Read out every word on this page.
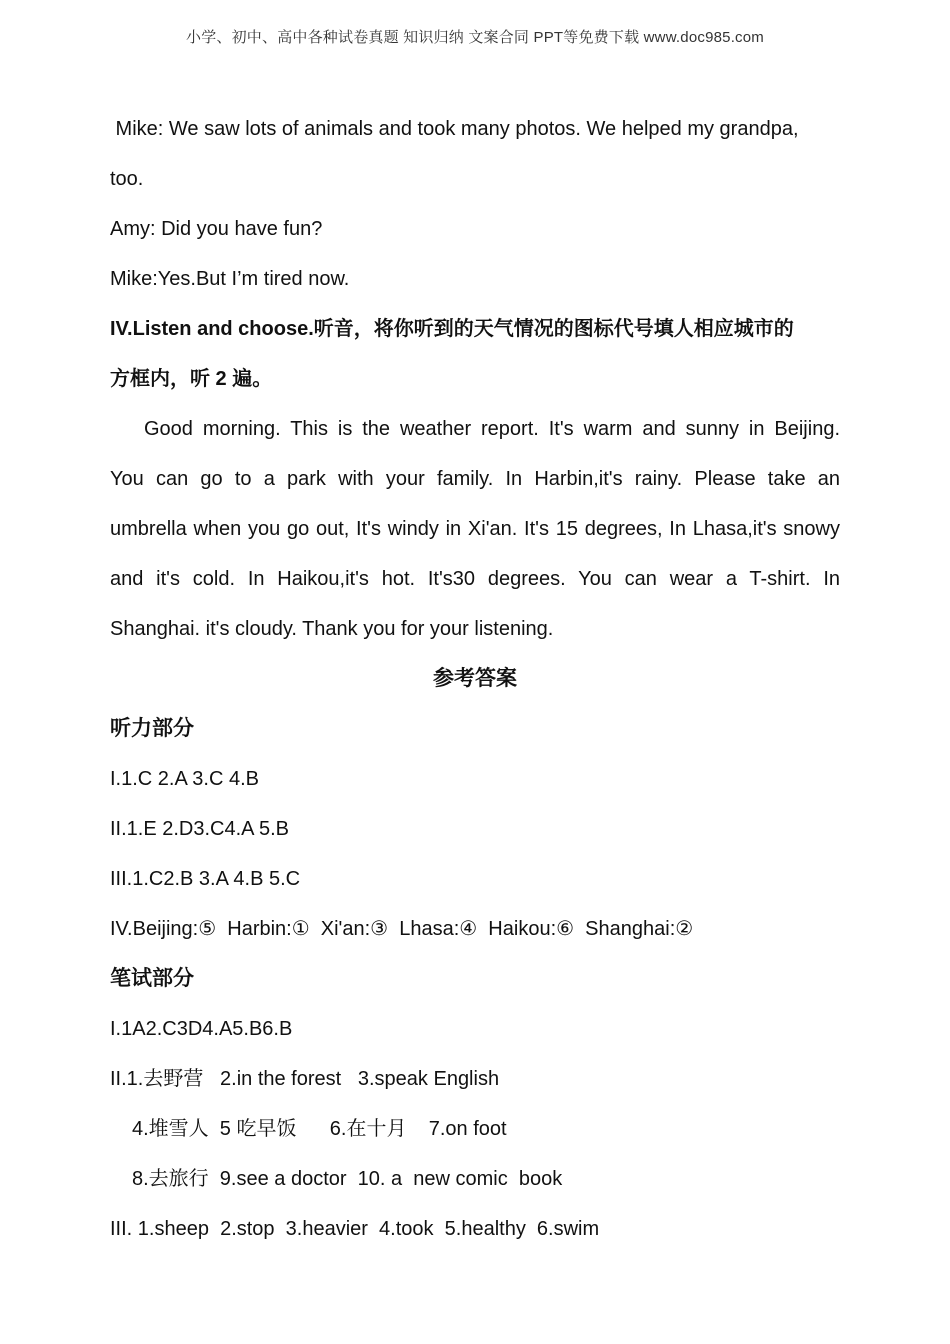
小学、初中、高中各种试卷真题 知识归纳 文案合同 PPT等免费下载 www.doc985.com

Mike: We saw lots of animals and took many photos. We helped my grandpa,

too.

Amy: Did you have fun?

Mike:Yes.But I’m tired now.

IV.Listen and choose.听音，将你听到的天气情况的图标代号填人相应城市的

方框内，听 2 遍。

Good morning. This is the weather report. It's warm and sunny in Beijing.

You can go to a park with your family. In Harbin,it's rainy. Please take an

umbrella when you go out, It's windy in Xi'an. It's 15 degrees, In Lhasa,it's snowy

and it's cold. In Haikou,it's hot. It's30 degrees. You can wear a T-shirt. In

Shanghai. it's cloudy. Thank you for your listening.

参考答案

听力部分

I.1.C 2.A 3.C 4.B

II.1.E 2.D3.C4.A 5.B

III.1.C2.B 3.A 4.B 5.C

IV.Beijing:⑤  Harbin:①  Xi'an:③  Lhasa:④  Haikou:⑥  Shanghai:②

笔试部分

I.1A2.C3D4.A5.B6.B

II.1.去野营   2.in the forest   3.speak English

4.堆雪人  5 吃早饭      6.在十月    7.on foot

8.去旅行  9.see a doctor  10. a  new comic  book

III. 1.sheep  2.stop  3.heavier  4.took  5.healthy  6.swim
